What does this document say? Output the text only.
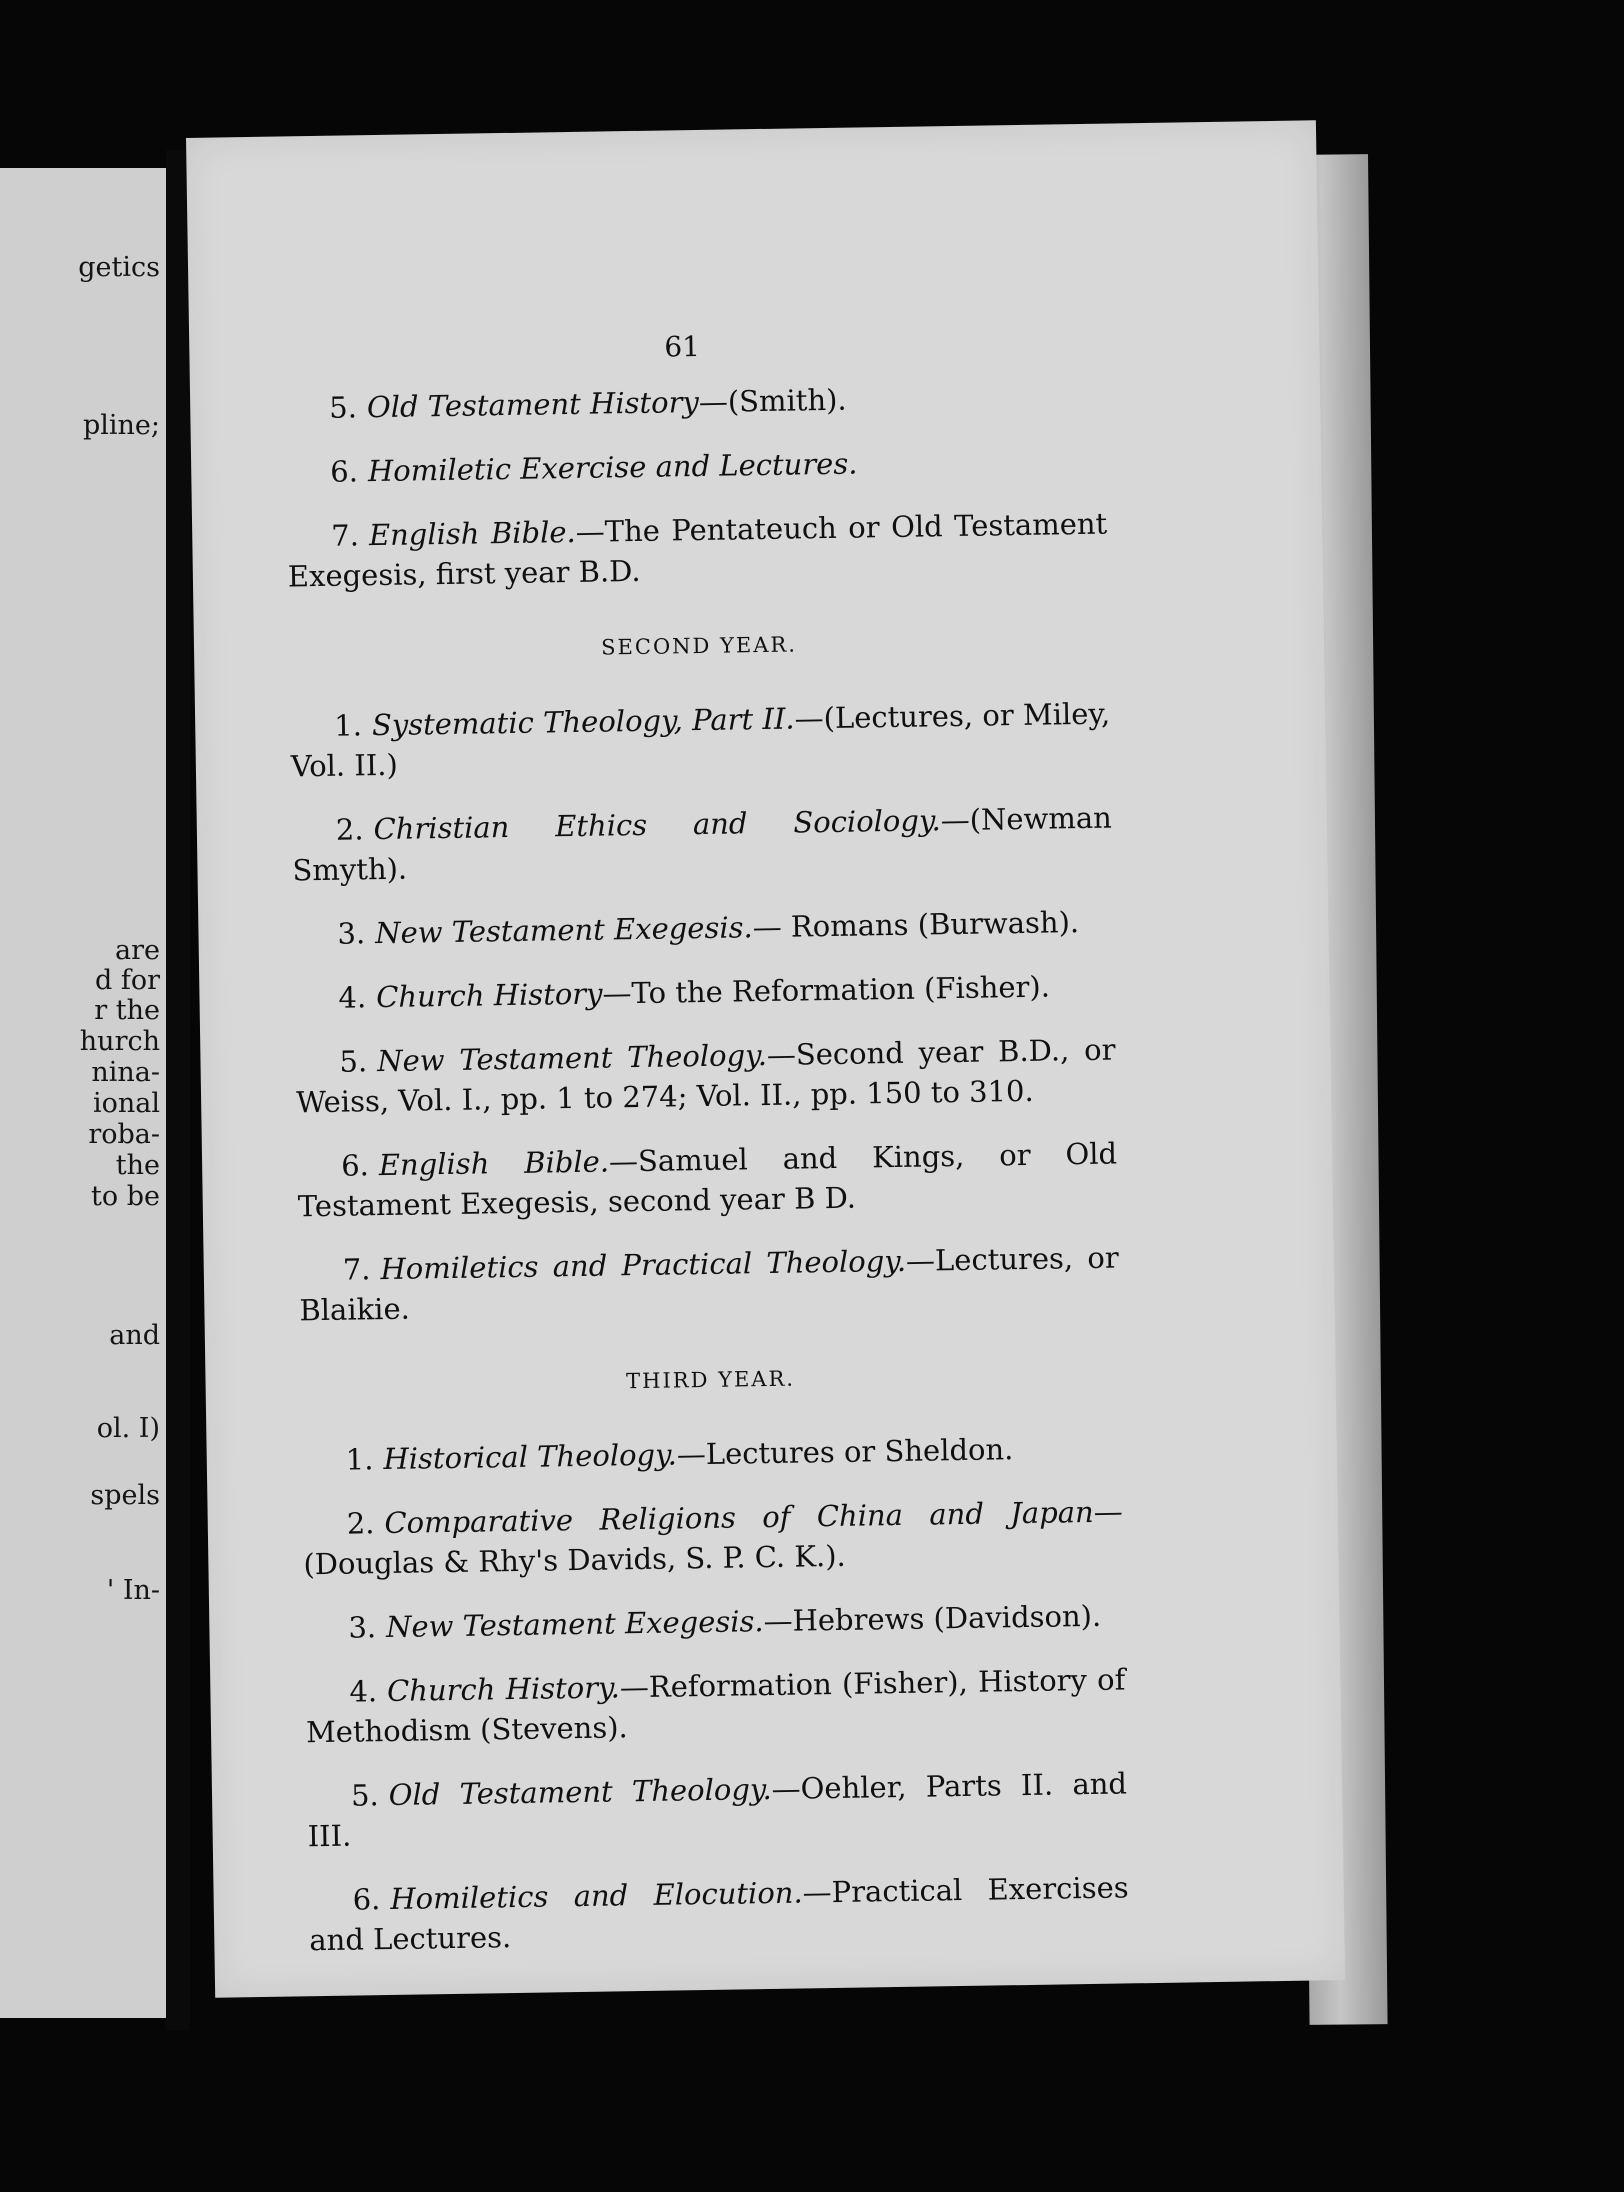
getics
pline;
are
d for
r the
hurch
nina-
ional
roba-
the
to be
and
ol. I)
spels
' In-
61
5. Old Testament History—(Smith).
6. Homiletic Exercise and Lectures.
7. English Bible.—The Pentateuch or Old Testament Exegesis, first year B.D.
SECOND YEAR.
1. Systematic Theology, Part II.—(Lectures, or Miley, Vol. II.)
2. Christian Ethics and Sociology.—(Newman Smyth).
3. New Testament Exegesis.— Romans (Burwash).
4. Church History—To the Reformation (Fisher).
5. New Testament Theology.—Second year B.D., or Weiss, Vol. I., pp. 1 to 274; Vol. II., pp. 150 to 310.
6. English Bible.—Samuel and Kings, or Old Testament Exegesis, second year B D.
7. Homiletics and Practical Theology.—Lectures, or Blaikie.
THIRD YEAR.
1. Historical Theology.—Lectures or Sheldon.
2. Comparative Religions of China and Japan—(Douglas & Rhy's Davids, S. P. C. K.).
3. New Testament Exegesis.—Hebrews (Davidson).
4. Church History.—Reformation (Fisher), History of Methodism (Stevens).
5. Old Testament Theology.—Oehler, Parts II. and III.
6. Homiletics and Elocution.—Practical Exercises and Lectures.
